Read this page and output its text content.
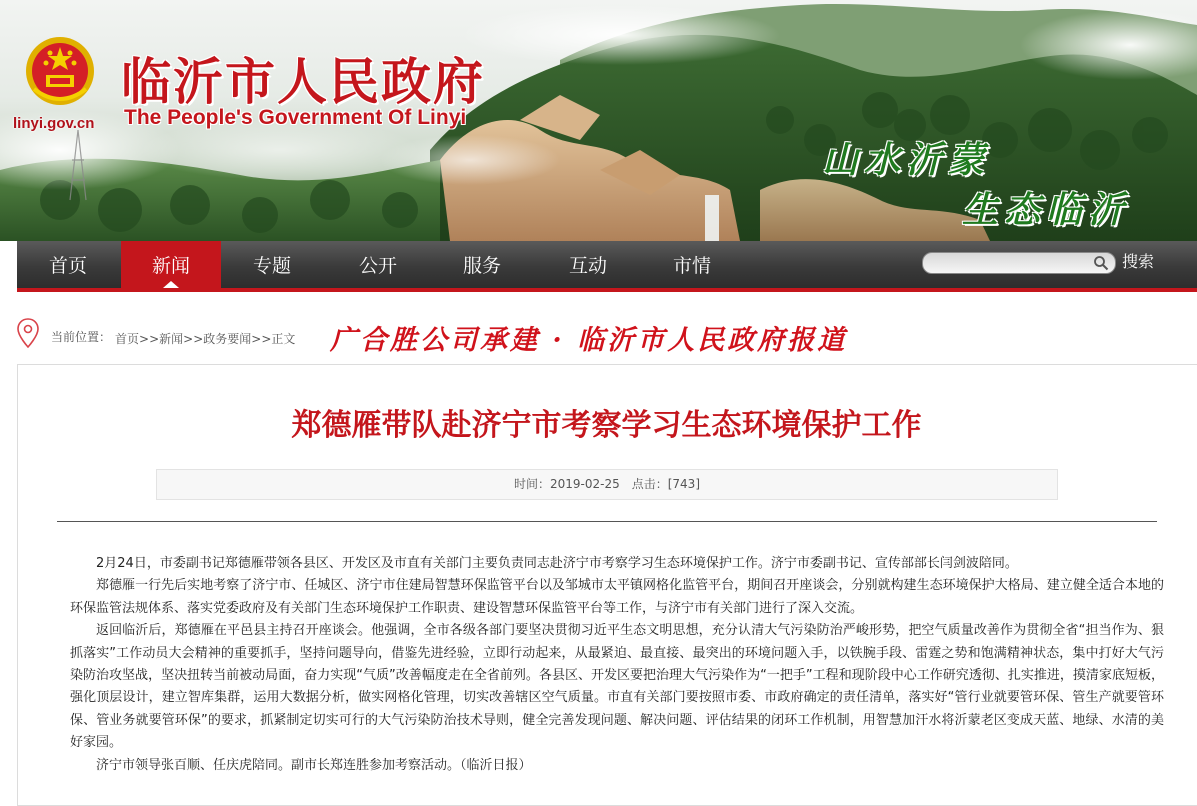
linyi.gov.cn
临沂市人民政府
The People's Government Of Linyi
山水沂蒙
生态临沂
首页	新闻	专题	公开	服务	互动	市情	搜索
当前位置： 首页>>新闻>>政务要闻>>正文 广合胜公司承建 · 临沂市人民政府报道
郑德雁带队赴济宁市考察学习生态环境保护工作
时间：2019-02-25 点击：[743]

2月24日，市委副书记郑德雁带领各县区、开发区及市直有关部门主要负责同志赴济宁市考察学习生态环境保护工作。济宁市委副书记、宣传部部长闫剑波陪同。

郑德雁一行先后实地考察了济宁市、任城区、济宁市住建局智慧环保监管平台以及邹城市太平镇网格化监管平台，期间召开座谈会，分别就构建生态环境保护大格局、建立健全适合本地的环保监管法规体系、落实党委政府及有关部门生态环境保护工作职责、建设智慧环保监管平台等工作，与济宁市有关部门进行了深入交流。

返回临沂后，郑德雁在平邑县主持召开座谈会。他强调，全市各级各部门要坚决贯彻习近平生态文明思想，充分认清大气污染防治严峻形势，把空气质量改善作为贯彻全省“担当作为、狠抓落实”工作动员大会精神的重要抓手，坚持问题导向，借鉴先进经验，立即行动起来，从最紧迫、最直接、最突出的环境问题入手，以铁腕手段、雷霆之势和饱满精神状态，集中打好大气污染防治攻坚战，坚决扭转当前被动局面，奋力实现“气质”改善幅度走在全省前列。各县区、开发区要把治理大气污染作为“一把手”工程和现阶段中心工作研究透彻、扎实推进，摸清家底短板，强化顶层设计，建立智库集群，运用大数据分析，做实网格化管理，切实改善辖区空气质量。市直有关部门要按照市委、市政府确定的责任清单，落实好“管行业就要管环保、管生产就要管环保、管业务就要管环保”的要求，抓紧制定切实可行的大气污染防治技术导则，健全完善发现问题、解决问题、评估结果的闭环工作机制，用智慧加汗水将沂蒙老区变成天蓝、地绿、水清的美好家园。

济宁市领导张百顺、任庆虎陪同。副市长郑连胜参加考察活动。（临沂日报）
